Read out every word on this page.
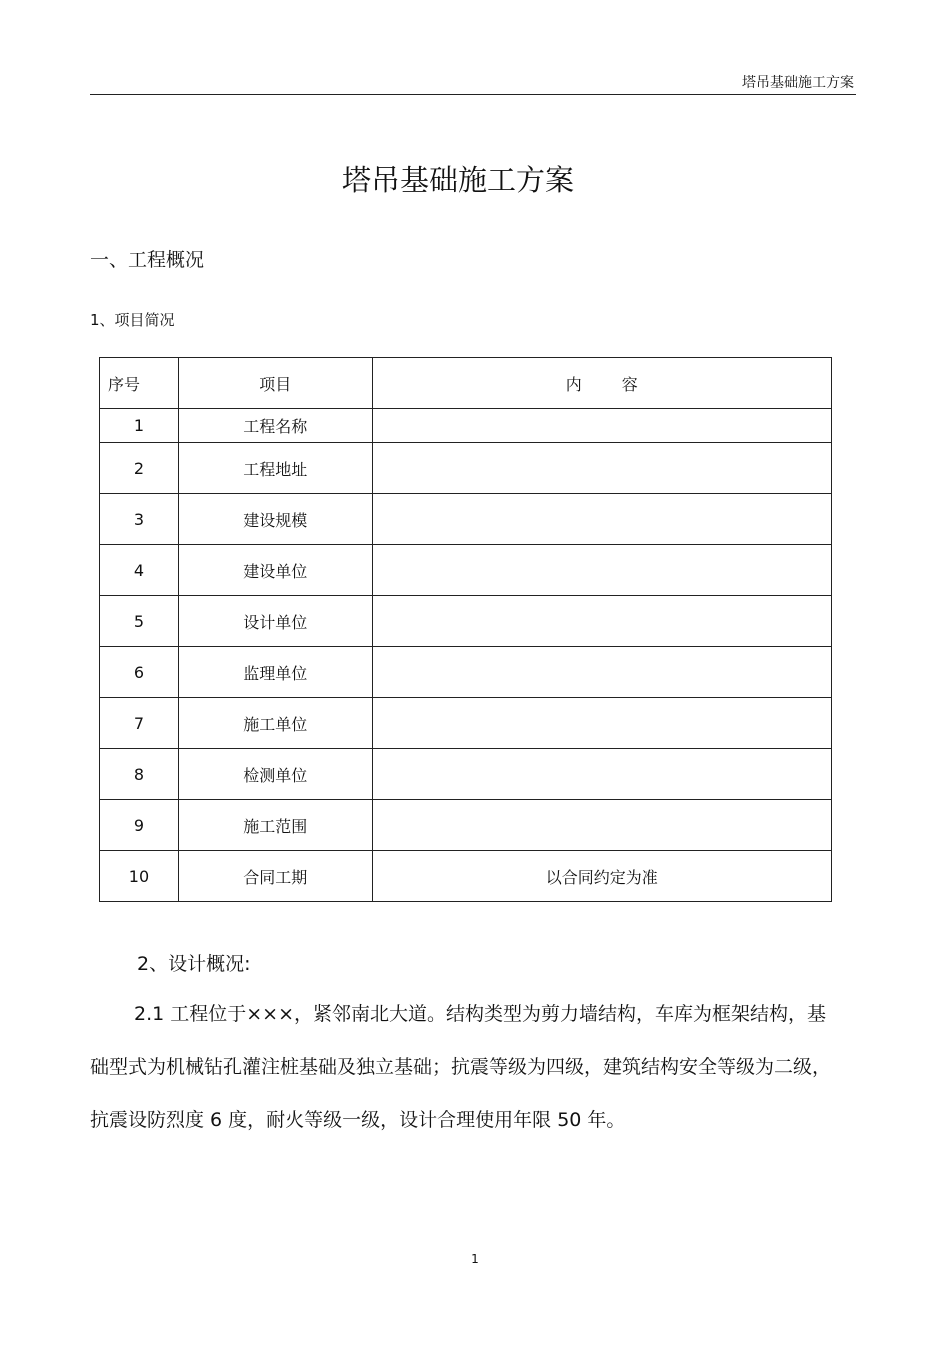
塔吊基础施工方案
塔吊基础施工方案
一、工程概况
1、项目简况
序号	项目	内容
1	工程名称	
2	工程地址	
3	建设规模	
4	建设单位	
5	设计单位	
6	监理单位	
7	施工单位	
8	检测单位	
9	施工范围	
10	合同工期	以合同约定为准
2、设计概况:
2.1 工程位于×××，紧邻南北大道。结构类型为剪力墙结构，车库为框架结构，基础型式为机械钻孔灌注桩基础及独立基础；抗震等级为四级，建筑结构安全等级为二级，抗震设防烈度 6 度，耐火等级一级，设计合理使用年限 50 年。
1
